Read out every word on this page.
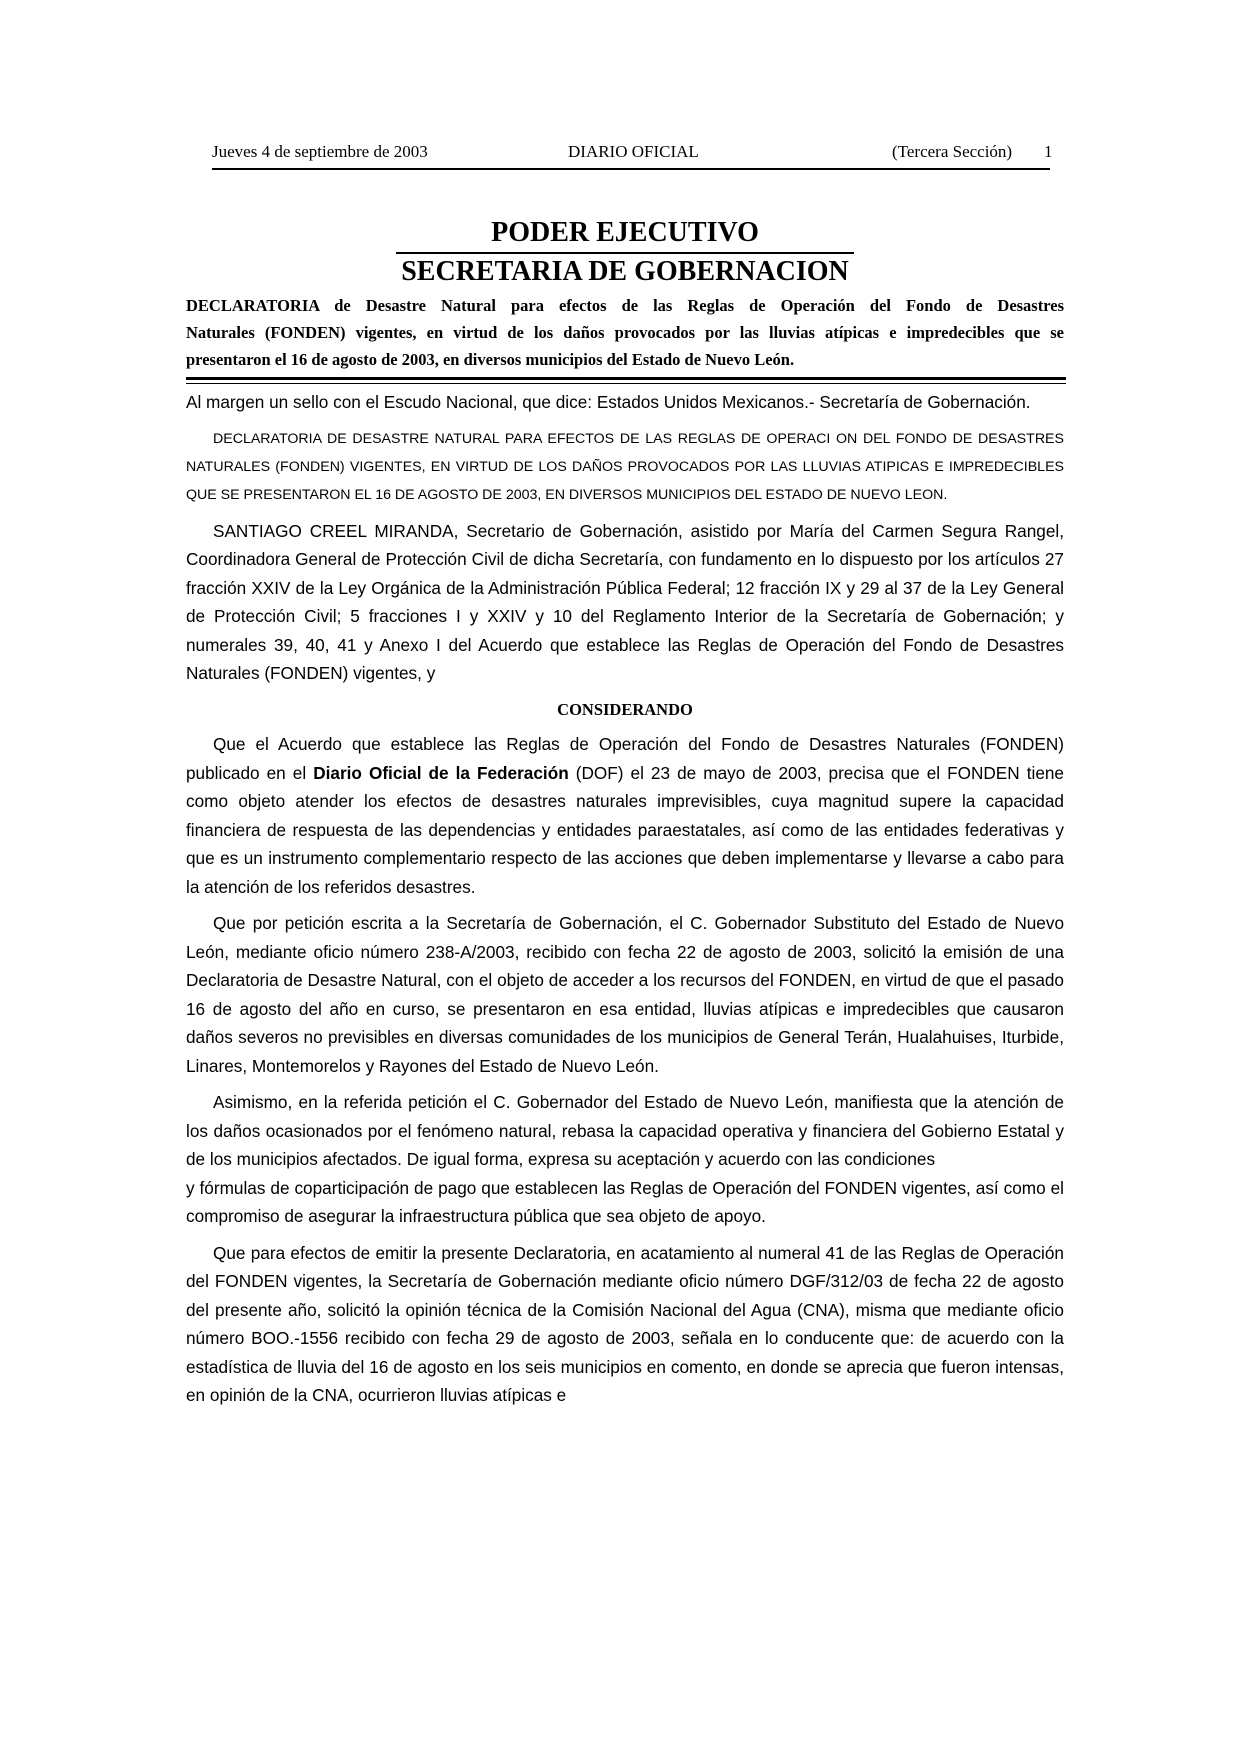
Jueves 4 de septiembre de 2003	DIARIO OFICIAL	(Tercera Sección) 1
PODER EJECUTIVO
SECRETARIA DE GOBERNACION
DECLARATORIA de Desastre Natural para efectos de las Reglas de Operación del Fondo de Desastres
Naturales (FONDEN) vigentes, en virtud de los daños provocados por las lluvias atípicas e impredecibles que se
presentaron el 16 de agosto de 2003, en diversos municipios del Estado de Nuevo León.

Al margen un sello con el Escudo Nacional, que dice: Estados Unidos Mexicanos.- Secretaría de Gobernación.

DECLARATORIA DE DESASTRE NATURAL PARA EFECTOS DE LAS REGLAS DE OPERACI ON DEL FONDO DE DESASTRES NATURALES (FONDEN) VIGENTES, EN VIRTUD DE LOS DAÑOS PROVOCADOS POR LAS LLUVIAS ATIPICAS E IMPREDECIBLES QUE SE PRESENTARON EL 16 DE AGOSTO DE 2003, EN DIVERSOS MUNICIPIOS DEL ESTADO DE NUEVO LEON.

SANTIAGO CREEL MIRANDA, Secretario de Gobernación, asistido por María del Carmen Segura Rangel, Coordinadora General de Protección Civil de dicha Secretaría, con fundamento en lo dispuesto por los artículos 27 fracción XXIV de la Ley Orgánica de la Administración Pública Federal; 12 fracción IX y 29 al 37 de la Ley General de Protección Civil; 5 fracciones I y XXIV y 10 del Reglamento Interior de la Secretaría de Gobernación; y numerales 39, 40, 41 y Anexo I del Acuerdo que establece las Reglas de Operación del Fondo de Desastres Naturales (FONDEN) vigentes, y

CONSIDERANDO

Que el Acuerdo que establece las Reglas de Operación del Fondo de Desastres Naturales (FONDEN) publicado en el Diario Oficial de la Federación (DOF) el 23 de mayo de 2003, precisa que el FONDEN tiene como objeto atender los efectos de desastres naturales imprevisibles, cuya magnitud supere la capacidad financiera de respuesta de las dependencias y entidades paraestatales, así como de las entidades federativas y que es un instrumento complementario respecto de las acciones que deben implementarse y llevarse a cabo para la atención de los referidos desastres.

Que por petición escrita a la Secretaría de Gobernación, el C. Gobernador Substituto del Estado de Nuevo León, mediante oficio número 238-A/2003, recibido con fecha 22 de agosto de 2003, solicitó la emisión de una Declaratoria de Desastre Natural, con el objeto de acceder a los recursos del FONDEN, en virtud de que el pasado 16 de agosto del año en curso, se presentaron en esa entidad, lluvias atípicas e impredecibles que causaron daños severos no previsibles en diversas comunidades de los municipios de General Terán, Hualahuises, Iturbide, Linares, Montemorelos y Rayones del Estado de Nuevo León.

Asimismo, en la referida petición el C. Gobernador del Estado de Nuevo León, manifiesta que la atención de los daños ocasionados por el fenómeno natural, rebasa la capacidad operativa y financiera del Gobierno Estatal y de los municipios afectados. De igual forma, expresa su aceptación y acuerdo con las condiciones

y fórmulas de coparticipación de pago que establecen las Reglas de Operación del FONDEN vigentes, así como el compromiso de asegurar la infraestructura pública que sea objeto de apoyo.

Que para efectos de emitir la presente Declaratoria, en acatamiento al numeral 41 de las Reglas de Operación del FONDEN vigentes, la Secretaría de Gobernación mediante oficio número DGF/312/03 de fecha 22 de agosto del presente año, solicitó la opinión técnica de la Comisión Nacional del Agua (CNA), misma que mediante oficio número BOO.-1556 recibido con fecha 29 de agosto de 2003, señala en lo conducente que: de acuerdo con la estadística de lluvia del 16 de agosto en los seis municipios en comento, en donde se aprecia que fueron intensas, en opinión de la CNA, ocurrieron lluvias atípicas e
